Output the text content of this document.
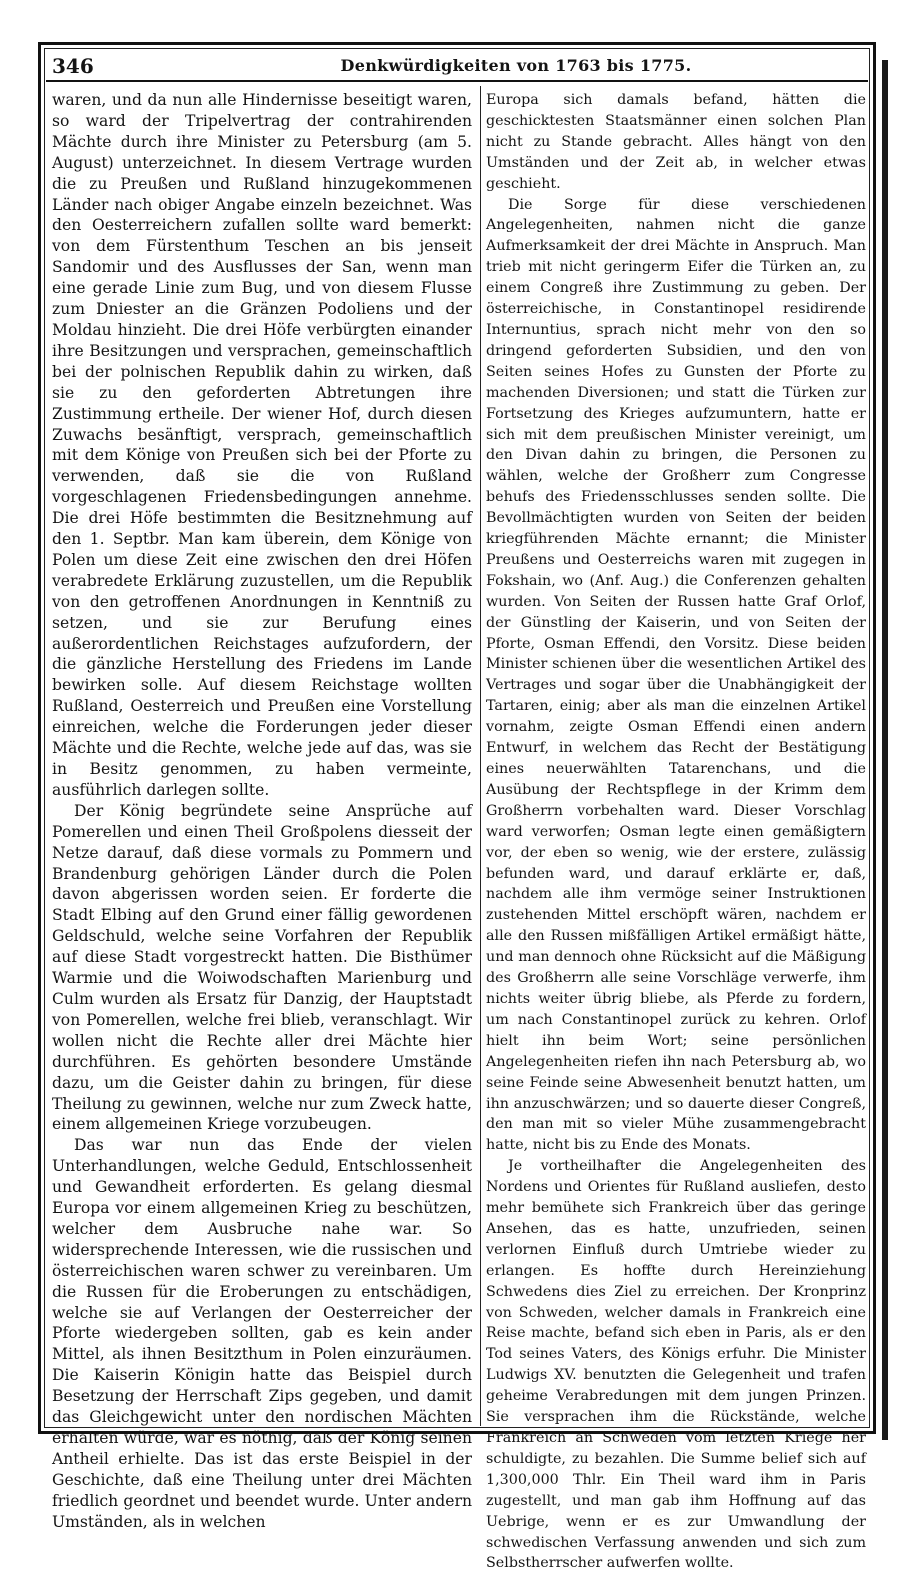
346	Denkwürdigkeiten von 1763 bis 1775.

waren, und da nun alle Hindernisse beseitigt waren, so ward der Tripelvertrag der contrahirenden Mächte durch ihre Minister zu Petersburg (am 5. August) unterzeichnet. In diesem Vertrage wurden die zu Preußen und Rußland hinzugekommenen Länder nach obiger Angabe einzeln bezeichnet. Was den Oesterreichern zufallen sollte ward bemerkt: von dem Fürstenthum Teschen an bis jenseit Sandomir und des Ausflusses der San, wenn man eine gerade Linie zum Bug, und von diesem Flusse zum Dniester an die Gränzen Podoliens und der Moldau hinzieht. Die drei Höfe verbürgten einander ihre Besitzungen und versprachen, gemeinschaftlich bei der polnischen Republik dahin zu wirken, daß sie zu den geforderten Abtretungen ihre Zustimmung ertheile. Der wiener Hof, durch diesen Zuwachs besänftigt, versprach, gemeinschaftlich mit dem Könige von Preußen sich bei der Pforte zu verwenden, daß sie die von Rußland vorgeschlagenen Friedensbedingungen annehme. Die drei Höfe bestimmten die Besitznehmung auf den 1. Septbr. Man kam überein, dem Könige von Polen um diese Zeit eine zwischen den drei Höfen verabredete Erklärung zuzustellen, um die Republik von den getroffenen Anordnungen in Kenntniß zu setzen, und sie zur Berufung eines außerordentlichen Reichstages aufzufordern, der die gänzliche Herstellung des Friedens im Lande bewirken solle. Auf diesem Reichstage wollten Rußland, Oesterreich und Preußen eine Vorstellung einreichen, welche die Forderungen jeder dieser Mächte und die Rechte, welche jede auf das, was sie in Besitz genommen, zu haben vermeinte, ausführlich darlegen sollte.

Der König begründete seine Ansprüche auf Pomerellen und einen Theil Großpolens diesseit der Netze darauf, daß diese vormals zu Pommern und Brandenburg gehörigen Länder durch die Polen davon abgerissen worden seien. Er forderte die Stadt Elbing auf den Grund einer fällig gewordenen Geldschuld, welche seine Vorfahren der Republik auf diese Stadt vorgestreckt hatten. Die Bisthümer Warmie und die Woiwodschaften Marienburg und Culm wurden als Ersatz für Danzig, der Hauptstadt von Pomerellen, welche frei blieb, veranschlagt. Wir wollen nicht die Rechte aller drei Mächte hier durchführen. Es gehörten besondere Umstände dazu, um die Geister dahin zu bringen, für diese Theilung zu gewinnen, welche nur zum Zweck hatte, einem allgemeinen Kriege vorzubeugen.

Das war nun das Ende der vielen Unterhandlungen, welche Geduld, Entschlossenheit und Gewandheit erforderten. Es gelang diesmal Europa vor einem allgemeinen Krieg zu beschützen, welcher dem Ausbruche nahe war. So widersprechende Interessen, wie die russischen und österreichischen waren schwer zu vereinbaren. Um die Russen für die Eroberungen zu entschädigen, welche sie auf Verlangen der Oesterreicher der Pforte wiedergeben sollten, gab es kein ander Mittel, als ihnen Besitzthum in Polen einzuräumen. Die Kaiserin Königin hatte das Beispiel durch Besetzung der Herrschaft Zips gegeben, und damit das Gleichgewicht unter den nordischen Mächten erhalten würde, war es nöthig, daß der König seinen Antheil erhielte. Das ist das erste Beispiel in der Geschichte, daß eine Theilung unter drei Mächten friedlich geordnet und beendet wurde. Unter andern Umständen, als in welchen

Europa sich damals befand, hätten die geschicktesten Staatsmänner einen solchen Plan nicht zu Stande gebracht. Alles hängt von den Umständen und der Zeit ab, in welcher etwas geschieht.

Die Sorge für diese verschiedenen Angelegenheiten, nahmen nicht die ganze Aufmerksamkeit der drei Mächte in Anspruch. Man trieb mit nicht geringerm Eifer die Türken an, zu einem Congreß ihre Zustimmung zu geben. Der österreichische, in Constantinopel residirende Internuntius, sprach nicht mehr von den so dringend geforderten Subsidien, und den von Seiten seines Hofes zu Gunsten der Pforte zu machenden Diversionen; und statt die Türken zur Fortsetzung des Krieges aufzumuntern, hatte er sich mit dem preußischen Minister vereinigt, um den Divan dahin zu bringen, die Personen zu wählen, welche der Großherr zum Congresse behufs des Friedensschlusses senden sollte. Die Bevollmächtigten wurden von Seiten der beiden kriegführenden Mächte ernannt; die Minister Preußens und Oesterreichs waren mit zugegen in Fokshain, wo (Anf. Aug.) die Conferenzen gehalten wurden. Von Seiten der Russen hatte Graf Orlof, der Günstling der Kaiserin, und von Seiten der Pforte, Osman Effendi, den Vorsitz. Diese beiden Minister schienen über die wesentlichen Artikel des Vertrages und sogar über die Unabhängigkeit der Tartaren, einig; aber als man die einzelnen Artikel vornahm, zeigte Osman Effendi einen andern Entwurf, in welchem das Recht der Bestätigung eines neuerwählten Tatarenchans, und die Ausübung der Rechtspflege in der Krimm dem Großherrn vorbehalten ward. Dieser Vorschlag ward verworfen; Osman legte einen gemäßigtern vor, der eben so wenig, wie der erstere, zulässig befunden ward, und darauf erklärte er, daß, nachdem alle ihm vermöge seiner Instruktionen zustehenden Mittel erschöpft wären, nachdem er alle den Russen mißfälligen Artikel ermäßigt hätte, und man dennoch ohne Rücksicht auf die Mäßigung des Großherrn alle seine Vorschläge verwerfe, ihm nichts weiter übrig bliebe, als Pferde zu fordern, um nach Constantinopel zurück zu kehren. Orlof hielt ihn beim Wort; seine persönlichen Angelegenheiten riefen ihn nach Petersburg ab, wo seine Feinde seine Abwesenheit benutzt hatten, um ihn anzuschwärzen; und so dauerte dieser Congreß, den man mit so vieler Mühe zusammengebracht hatte, nicht bis zu Ende des Monats.

Je vortheilhafter die Angelegenheiten des Nordens und Orientes für Rußland ausliefen, desto mehr bemühete sich Frankreich über das geringe Ansehen, das es hatte, unzufrieden, seinen verlornen Einfluß durch Umtriebe wieder zu erlangen. Es hoffte durch Hereinziehung Schwedens dies Ziel zu erreichen. Der Kronprinz von Schweden, welcher damals in Frankreich eine Reise machte, befand sich eben in Paris, als er den Tod seines Vaters, des Königs erfuhr. Die Minister Ludwigs XV. benutzten die Gelegenheit und trafen geheime Verabredungen mit dem jungen Prinzen. Sie versprachen ihm die Rückstände, welche Frankreich an Schweden vom letzten Kriege her schuldigte, zu bezahlen. Die Summe belief sich auf 1,300,000 Thlr. Ein Theil ward ihm in Paris zugestellt, und man gab ihm Hoffnung auf das Uebrige, wenn er es zur Umwandlung der schwedischen Verfassung anwenden und sich zum Selbstherrscher aufwerfen wollte.
